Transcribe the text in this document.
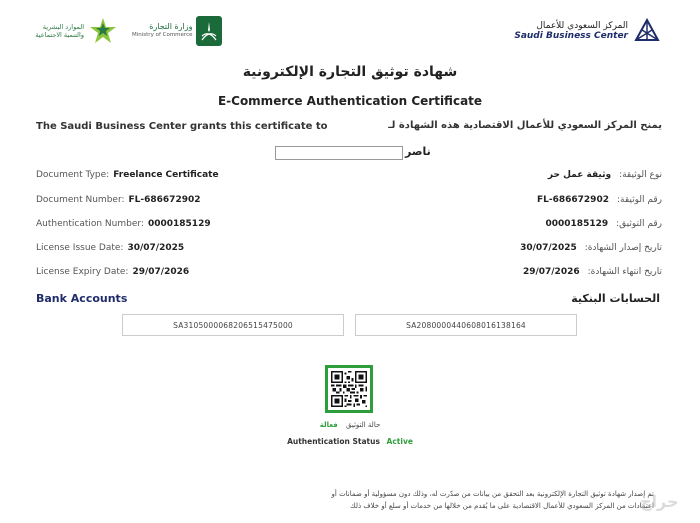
الموارد البشرية والتنمية الاجتماعية
وزارة التجارة
Ministry of Commerce
المركز السعودي للأعمال
Saudi Business Center
شهادة توثيق التجارة الإلكترونية
E-Commerce Authentication Certificate
The Saudi Business Center grants this certificate to	يمنح المركز السعودي للأعمال الاقتصادية هذه الشهادة لـ
ناصر
Document Type: Freelance Certificate
Document Number: FL-686672902
Authentication Number: 0000185129
License Issue Date: 30/07/2025
License Expiry Date: 29/07/2026
نوع الوثيقة:وثيقة عمل حر
رقم الوثيقة:FL-686672902
رقم التوثيق:0000185129
تاريخ إصدار الشهادة:30/07/2025
تاريخ انتهاء الشهادة:29/07/2026
Bank Accounts	الحسابات البنكية
SA3105000068206515475000	SA2080000440608016138164
حالة التوثيق فعالة
Authentication Status Active
تم إصدار شهادة توثيق التجارة الإلكترونية بعد التحقق من بيانات من صدّرت له، وذلك دون مسؤولية أو ضمانات أو
اعتمادات من المركز السعودي للأعمال الاقتصادية على ما يُقدم من خلالها من خدمات أو سلع أو خلاف ذلك
حراج
